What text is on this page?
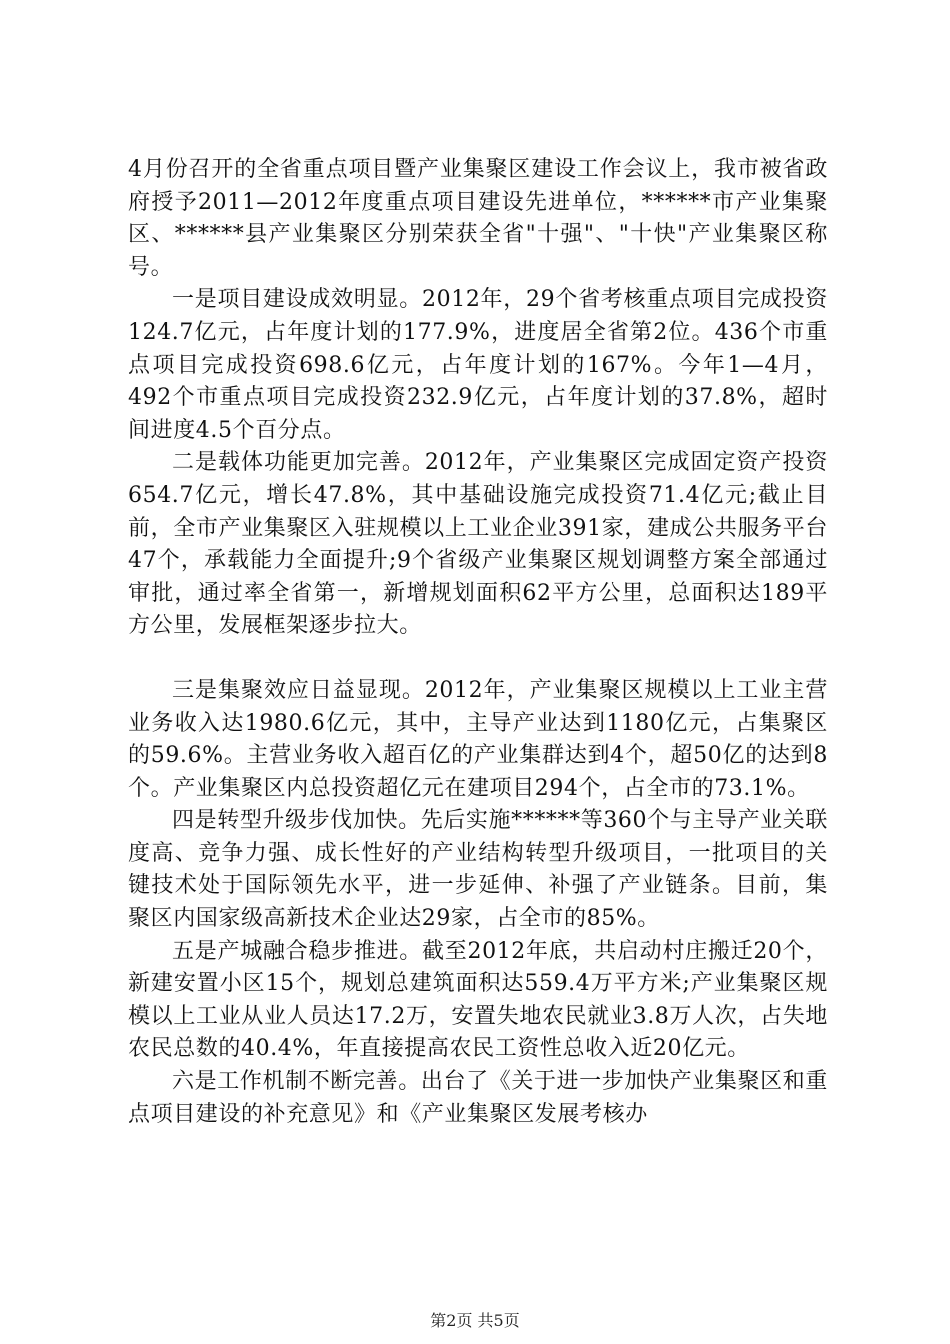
4月份召开的全省重点项目暨产业集聚区建设工作会议上，我市被省政府授予2011—2012年度重点项目建设先进单位，******市产业集聚区、******县产业集聚区分别荣获全省"十强"、"十快"产业集聚区称号。

一是项目建设成效明显。2012年，29个省考核重点项目完成投资124.7亿元，占年度计划的177.9%，进度居全省第2位。436个市重点项目完成投资698.6亿元，占年度计划的167%。今年1—4月，492个市重点项目完成投资232.9亿元，占年度计划的37.8%，超时间进度4.5个百分点。

二是载体功能更加完善。2012年，产业集聚区完成固定资产投资654.7亿元，增长47.8%，其中基础设施完成投资71.4亿元;截止目前，全市产业集聚区入驻规模以上工业企业391家，建成公共服务平台47个，承载能力全面提升;9个省级产业集聚区规划调整方案全部通过审批，通过率全省第一，新增规划面积62平方公里，总面积达189平方公里，发展框架逐步拉大。

三是集聚效应日益显现。2012年，产业集聚区规模以上工业主营业务收入达1980.6亿元，其中，主导产业达到1180亿元，占集聚区的59.6%。主营业务收入超百亿的产业集群达到4个，超50亿的达到8个。产业集聚区内总投资超亿元在建项目294个，占全市的73.1%。

四是转型升级步伐加快。先后实施******等360个与主导产业关联度高、竞争力强、成长性好的产业结构转型升级项目，一批项目的关键技术处于国际领先水平，进一步延伸、补强了产业链条。目前，集聚区内国家级高新技术企业达29家，占全市的85%。

五是产城融合稳步推进。截至2012年底，共启动村庄搬迁20个，新建安置小区15个，规划总建筑面积达559.4万平方米;产业集聚区规模以上工业从业人员达17.2万，安置失地农民就业3.8万人次，占失地农民总数的40.4%，年直接提高农民工资性总收入近20亿元。

六是工作机制不断完善。出台了《关于进一步加快产业集聚区和重点项目建设的补充意见》和《产业集聚区发展考核办

第2页 共5页
